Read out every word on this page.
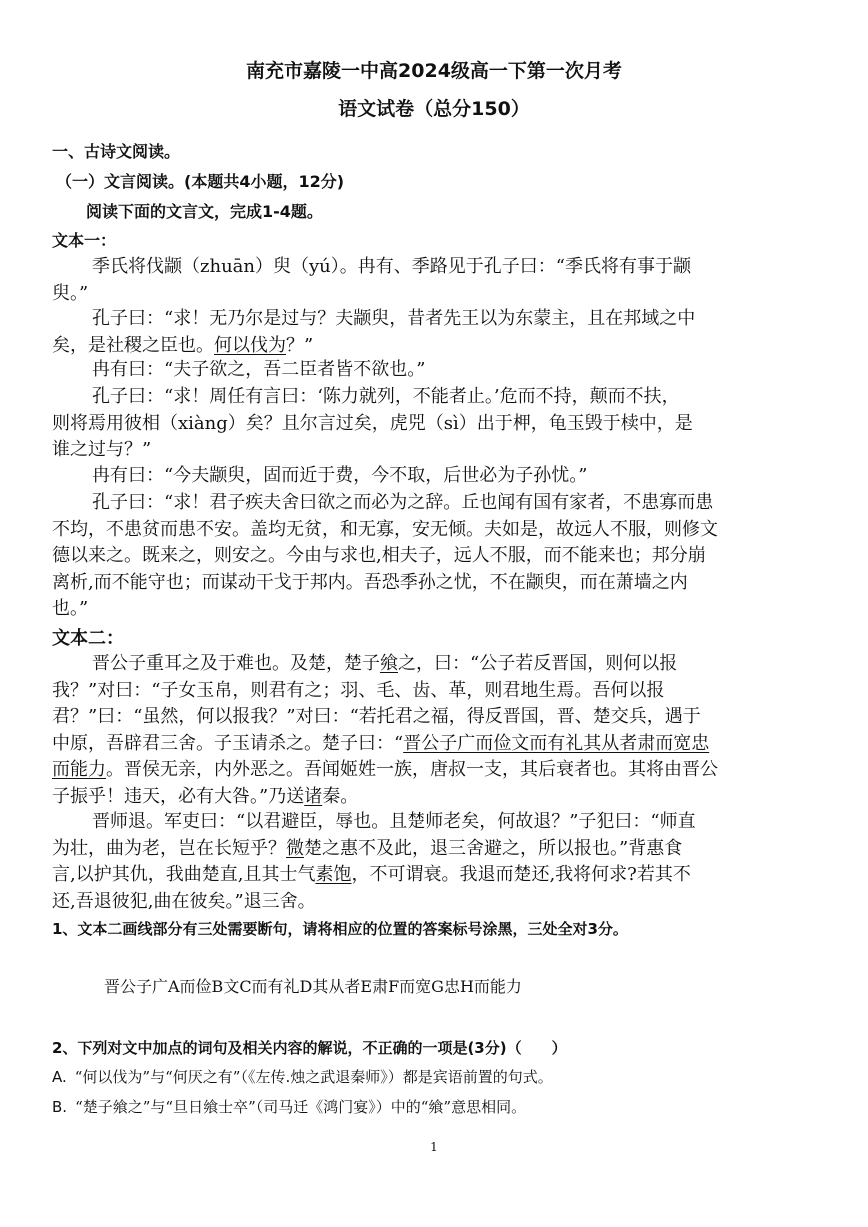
南充市嘉陵一中高2024级高一下第一次月考
语文试卷（总分150）
一、古诗文阅读。
（一）文言阅读。(本题共4小题，12分)
阅读下面的文言文，完成1-4题。
文本一：
季氏将伐颛（zhuān）臾（yú）。冉有、季路见于孔子曰：“季氏将有事于颛
臾。”
孔子曰：“求！无乃尔是过与？夫颛臾，昔者先王以为东蒙主，且在邦域之中
矣，是社稷之臣也。何以伐为？”
冉有曰：“夫子欲之，吾二臣者皆不欲也。”
孔子曰：“求！周任有言曰：‘陈力就列，不能者止。’危而不持，颠而不扶，
则将焉用彼相（xiàng）矣？且尔言过矣，虎兕（sì）出于柙，龟玉毁于椟中，是
谁之过与？”
冉有曰：“今夫颛臾，固而近于费，今不取，后世必为子孙忧。”
孔子曰：“求！君子疾夫舍曰欲之而必为之辞。丘也闻有国有家者，不患寡而患
不均，不患贫而患不安。盖均无贫，和无寡，安无倾。夫如是，故远人不服，则修文
德以来之。既来之，则安之。今由与求也,相夫子，远人不服，而不能来也；邦分崩
离析,而不能守也；而谋动干戈于邦内。吾恐季孙之忧，不在颛臾，而在萧墙之内
也。”
文本二：
晋公子重耳之及于难也。及楚，楚子飨之，曰：“公子若反晋国，则何以报
我？”对曰：“子女玉帛，则君有之；羽、毛、齿、革，则君地生焉。吾何以报
君？”曰：“虽然，何以报我？”对曰：“若托君之福，得反晋国，晋、楚交兵，遇于
中原，吾辟君三舍。子玉请杀之。楚子曰：“晋公子广而俭文而有礼其从者肃而宽忠
而能力。晋侯无亲，内外恶之。吾闻姬姓一族，唐叔一支，其后衰者也。其将由晋公
子振乎！违天，必有大咎。”乃送诸秦。
晋师退。军吏曰：“以君避臣，辱也。且楚师老矣，何故退？”子犯曰：“师直
为壮，曲为老，岂在长短乎？微楚之惠不及此，退三舍避之，所以报也。”背惠食
言,以护其仇，我曲楚直,且其士气素饱，不可谓衰。我退而楚还,我将何求?若其不
还,吾退彼犯,曲在彼矣。”退三舍。
1、文本二画线部分有三处需要断句，请将相应的位置的答案标号涂黑，三处全对3分。
晋公子广A而俭B文C而有礼D其从者E肃F而宽G忠H而能力
2、下列对文中加点的词句及相关内容的解说，不正确的一项是(3分)（　　）
A. “何以伐为”与“何厌之有”（《左传.烛之武退秦师》）都是宾语前置的句式。
B. “楚子飨之”与“旦日飨士卒”（司马迁《鸿门宴》）中的“飨”意思相同。
1
